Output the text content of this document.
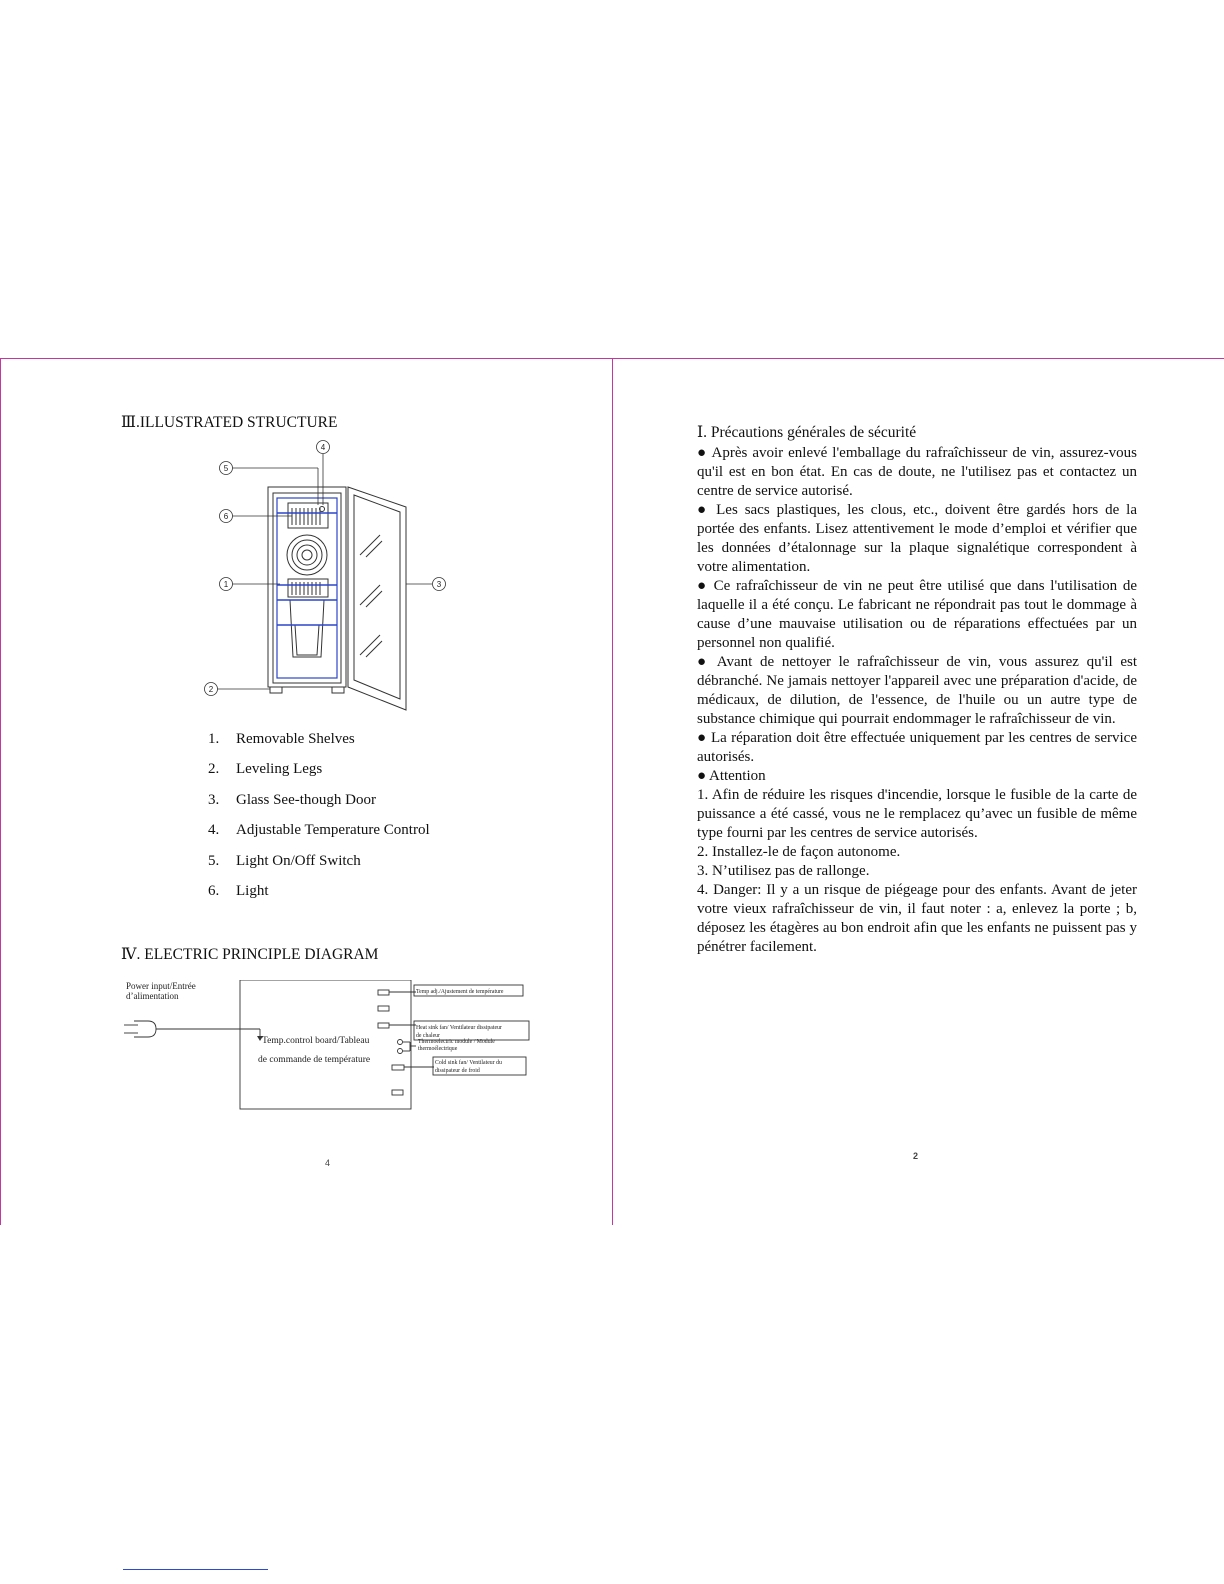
Ⅲ.ILLUSTRATED STRUCTURE
4
5
6
1	3
2
1.	Removable Shelves
2.	Leveling Legs
3.	Glass See-though Door
4.	Adjustable Temperature Control
5.	Light On/Off Switch
6.	Light
Ⅳ. ELECTRIC PRINCIPLE DIAGRAM
Power input/Entrée
d’alimentation
Temp.control board/Tableau
de commande de température
Temp adj./Ajustement de température
Heat sink fan/ Ventilateur dissipateur
de chaleur
Thermoelectric module / Module
thermoélectrique
Cold sink fan/ Ventilateur du
dissipateur de froid
4
Ⅰ. Précautions générales de sécurité

● Après avoir enlevé l'emballage du rafraîchisseur de vin, assurez-vous qu'il est en bon état. En cas de doute, ne l'utilisez pas et contactez un centre de service autorisé.

● Les sacs plastiques, les clous, etc., doivent être gardés hors de la portée des enfants. Lisez attentivement le mode d’emploi et vérifier que les données d’étalonnage sur la plaque signalétique correspondent à votre alimentation.

● Ce rafraîchisseur de vin ne peut être utilisé que dans l'utilisation de laquelle il a été conçu. Le fabricant ne répondrait pas tout le dommage à cause d’une mauvaise utilisation ou de réparations effectuées par un personnel non qualifié.

● Avant de nettoyer le rafraîchisseur de vin, vous assurez qu'il est débranché. Ne jamais nettoyer l'appareil avec une préparation d'acide, de médicaux, de dilution, de l'essence, de l'huile ou un autre type de substance chimique qui pourrait endommager le rafraîchisseur de vin.

● La réparation doit être effectuée uniquement par les centres de service autorisés.

● Attention

1. Afin de réduire les risques d'incendie, lorsque le fusible de la carte de puissance a été cassé, vous ne le remplacez qu’avec un fusible de même type fourni par les centres de service autorisés.

2. Installez-le de façon autonome.

3. N’utilisez pas de rallonge.

4. Danger: Il y a un risque de piégeage pour des enfants. Avant de jeter votre vieux rafraîchisseur de vin, il faut noter : a, enlevez la porte ; b, déposez les étagères au bon endroit afin que les enfants ne puissent pas y pénétrer facilement.

2
